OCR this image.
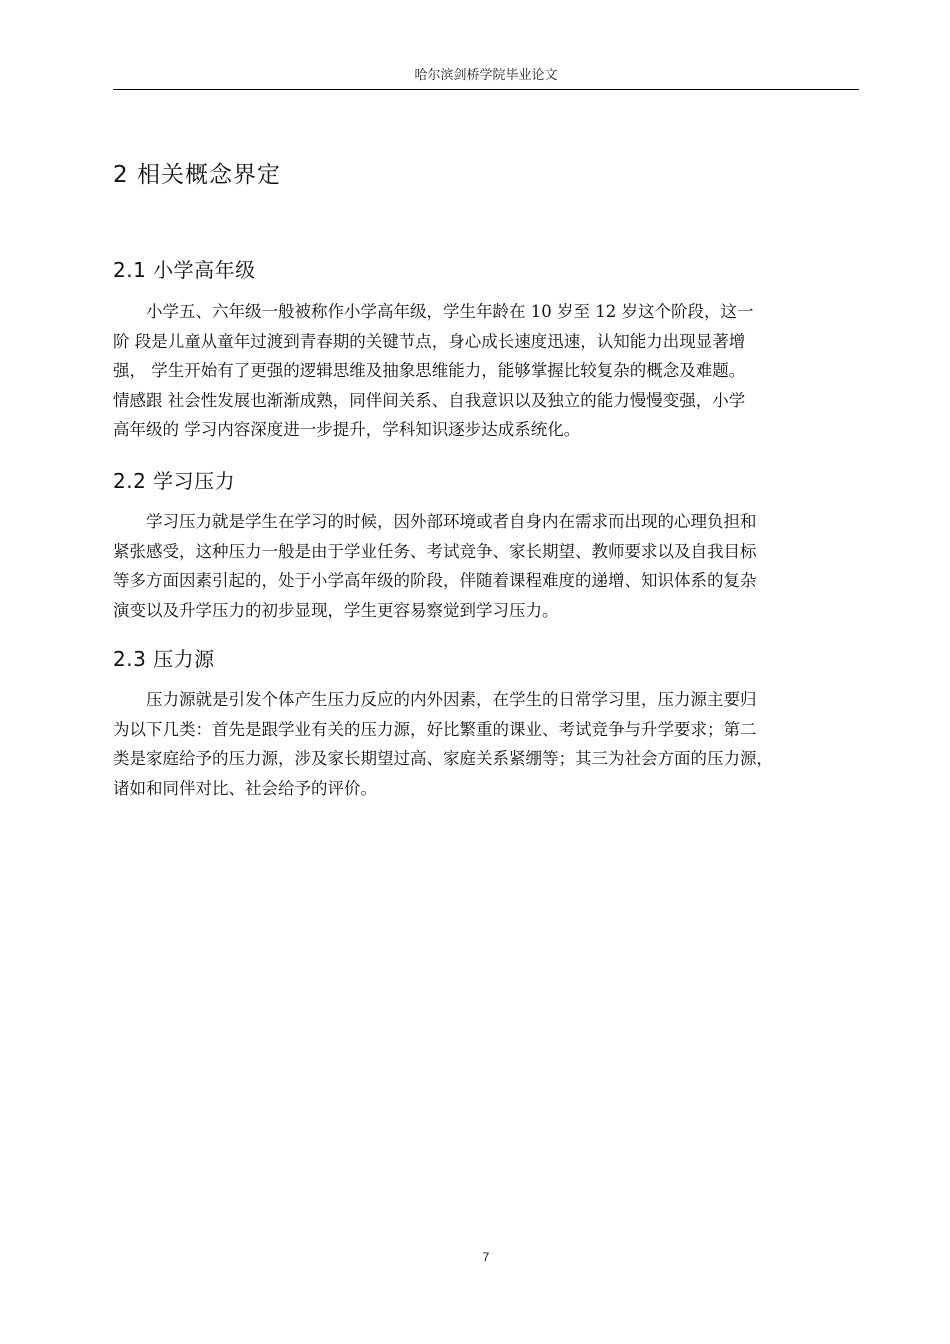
哈尔滨剑桥学院毕业论文
2 相关概念界定
2.1 小学高年级

　　小学五、六年级一般被称作小学高年级，学生年龄在 10 岁至 12 岁这个阶段，这一
阶 段是儿童从童年过渡到青春期的关键节点，身心成长速度迅速，认知能力出现显著增
强， 学生开始有了更强的逻辑思维及抽象思维能力，能够掌握比较复杂的概念及难题。
情感跟 社会性发展也渐渐成熟，同伴间关系、自我意识以及独立的能力慢慢变强，小学
高年级的 学习内容深度进一步提升，学科知识逐步达成系统化。

2.2 学习压力

　　学习压力就是学生在学习的时候，因外部环境或者自身内在需求而出现的心理负担和
紧张感受，这种压力一般是由于学业任务、考试竞争、家长期望、教师要求以及自我目标
等多方面因素引起的，处于小学高年级的阶段，伴随着课程难度的递增、知识体系的复杂
演变以及升学压力的初步显现，学生更容易察觉到学习压力。

2.3 压力源

　　压力源就是引发个体产生压力反应的内外因素，在学生的日常学习里，压力源主要归
为以下几类：首先是跟学业有关的压力源，好比繁重的课业、考试竞争与升学要求；第二
类是家庭给予的压力源，涉及家长期望过高、家庭关系紧绷等；其三为社会方面的压力源，
诸如和同伴对比、社会给予的评价。

7
